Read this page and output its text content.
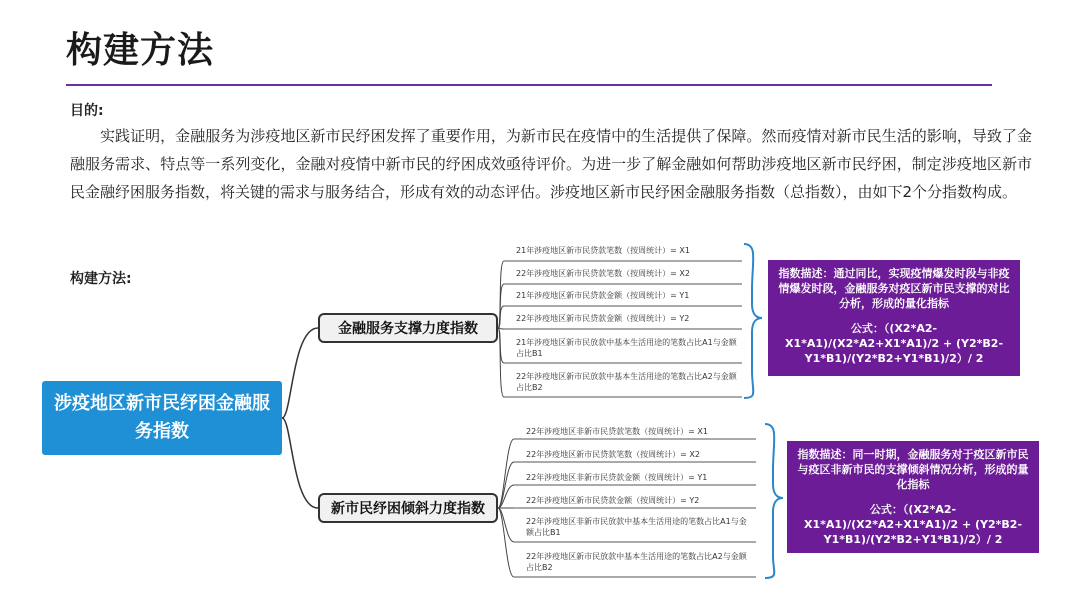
构建方法
目的:
实践证明，金融服务为涉疫地区新市民纾困发挥了重要作用，为新市民在疫情中的生活提供了保障。然而疫情对新市民生活的影响，导致了金融服务需求、特点等一系列变化，金融对疫情中新市民的纾困成效亟待评价。为进一步了解金融如何帮助涉疫地区新市民纾困，制定涉疫地区新市民金融纾困服务指数，将关键的需求与服务结合，形成有效的动态评估。涉疫地区新市民纾困金融服务指数（总指数），由如下2个分指数构成。
构建方法:
涉疫地区新市民纾困金融服务指数
金融服务支撑力度指数
新市民纾困倾斜力度指数
21年涉疫地区新市民贷款笔数（按周统计）= X1
22年涉疫地区新市民贷款笔数（按周统计）= X2
21年涉疫地区新市民贷款金额（按周统计）= Y1
22年涉疫地区新市民贷款金额（按周统计）= Y2
21年涉疫地区新市民放款中基本生活用途的笔数占比A1与金额占比B1
22年涉疫地区新市民放款中基本生活用途的笔数占比A2与金额占比B2
22年涉疫地区非新市民贷款笔数（按周统计）= X1
22年涉疫地区新市民贷款笔数（按周统计）= X2
22年涉疫地区非新市民贷款金额（按周统计）= Y1
22年涉疫地区新市民贷款金额（按周统计）= Y2
22年涉疫地区非新市民放款中基本生活用途的笔数占比A1与金额占比B1
22年涉疫地区新市民放款中基本生活用途的笔数占比A2与金额占比B2
指数描述：通过同比，实现疫情爆发时段与非疫情爆发时段，金融服务对疫区新市民支撑的对比分析，形成的量化指标
公式：（(X2*A2-X1*A1)/(X2*A2+X1*A1)/2 + (Y2*B2-Y1*B1)/(Y2*B2+Y1*B1)/2）/ 2
指数描述：同一时期，金融服务对于疫区新市民与疫区非新市民的支撑倾斜情况分析，形成的量化指标
公式：（(X2*A2-X1*A1)/(X2*A2+X1*A1)/2 + (Y2*B2-Y1*B1)/(Y2*B2+Y1*B1)/2）/ 2
